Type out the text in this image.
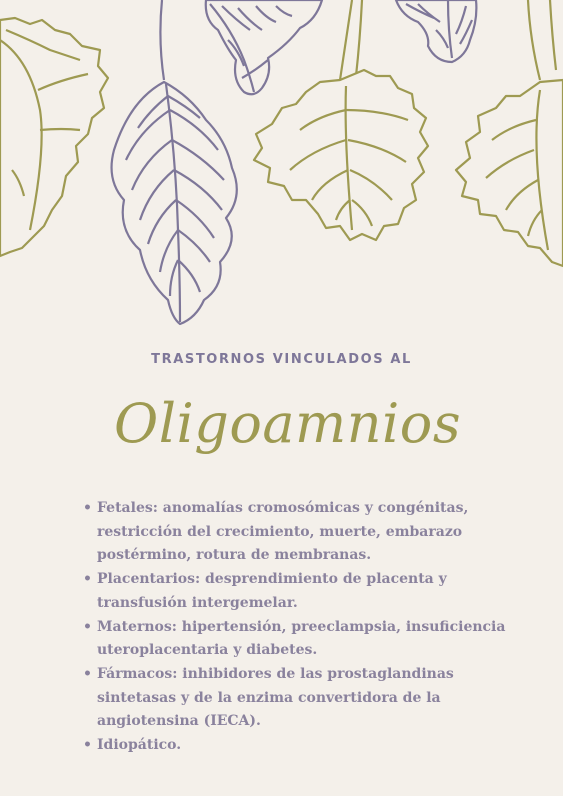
TRASTORNOS VINCULADOS AL
Oligoamnios
• Fetales: anomalías cromosómicas y congénitas, restricción del crecimiento, muerte, embarazo postérmino, rotura de membranas.
• Placentarios: desprendimiento de placenta y transfusión intergemelar.
• Maternos: hipertensión, preeclampsia, insuficiencia uteroplacentaria y diabetes.
• Fármacos: inhibidores de las prostaglandinas sintetasas y de la enzima convertidora de la angiotensina (IECA).
• Idiopático.
